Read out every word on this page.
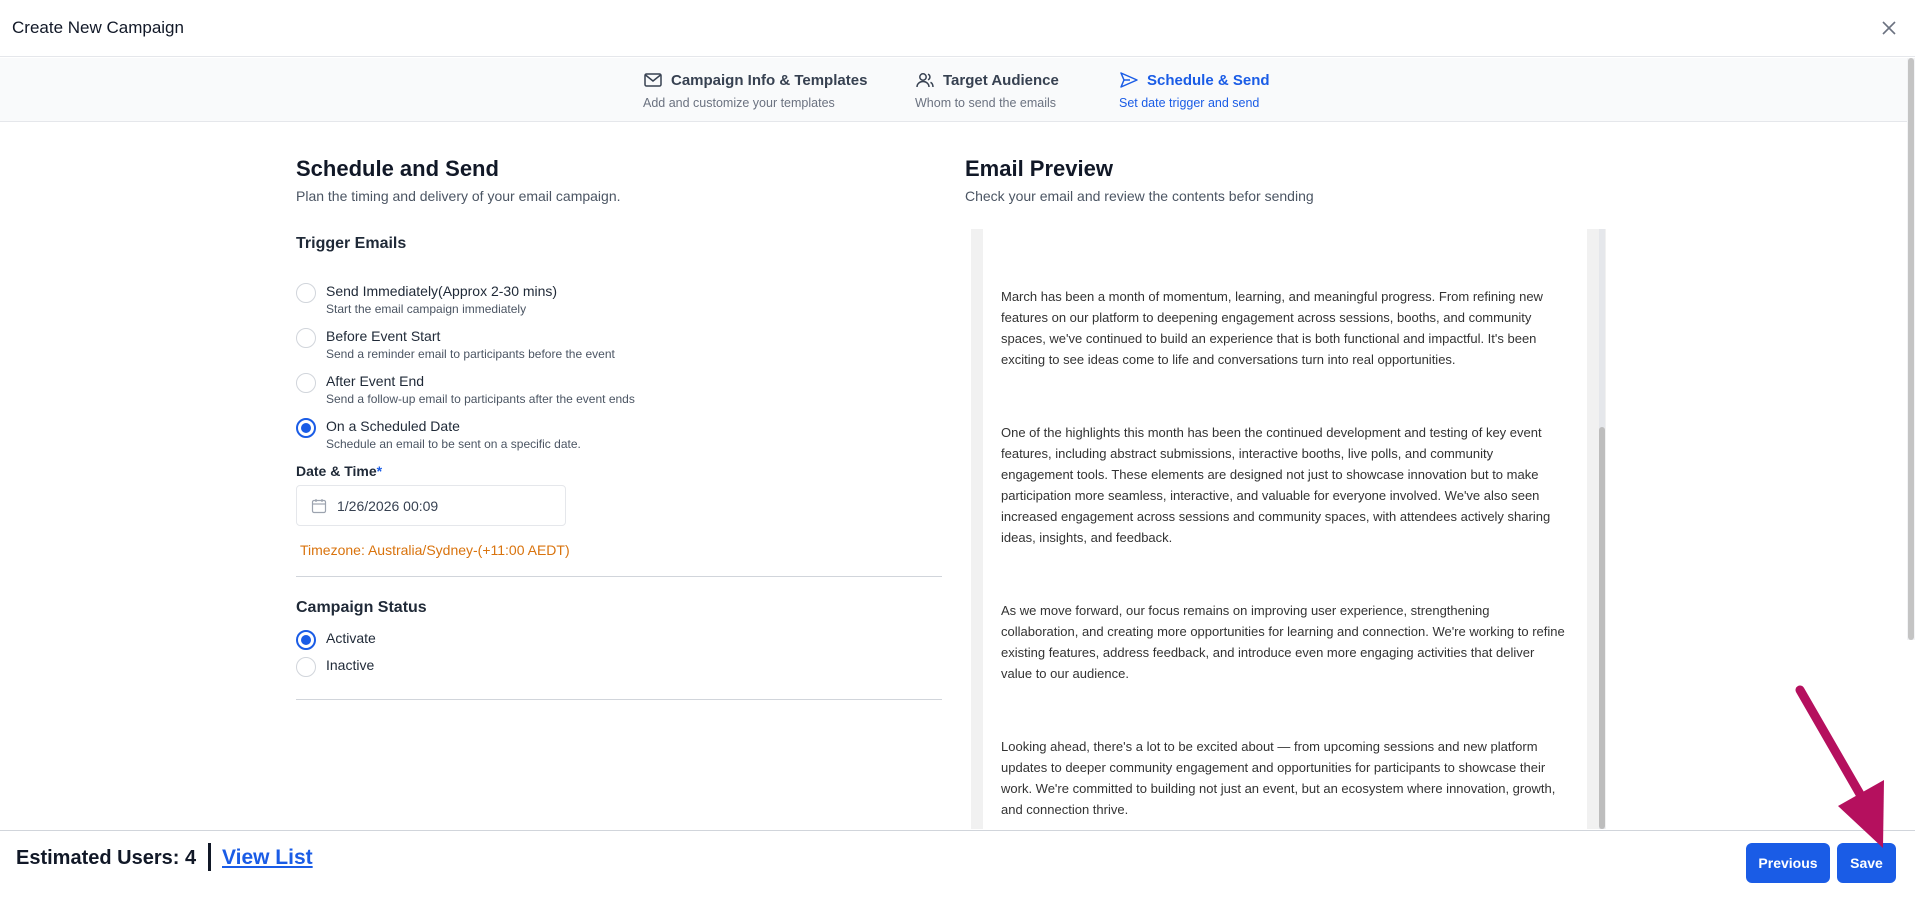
Create New Campaign
Campaign Info & Templates
Add and customize your templates
Target Audience
Whom to send the emails
Schedule & Send
Set date trigger and send
Schedule and Send
Plan the timing and delivery of your email campaign.
Trigger Emails
Send Immediately(Approx 2-30 mins)
Start the email campaign immediately
Before Event Start
Send a reminder email to participants before the event
After Event End
Send a follow-up email to participants after the event ends
On a Scheduled Date
Schedule an email to be sent on a specific date.
Date & Time*
1/26/2026 00:09
Timezone: Australia/Sydney-(+11:00 AEDT)
Campaign Status
Activate
Inactive
Email Preview
Check your email and review the contents befor sending

March has been a month of momentum, learning, and meaningful progress. From refining new features on our platform to deepening engagement across sessions, booths, and community spaces, we've continued to build an experience that is both functional and impactful. It's been exciting to see ideas come to life and conversations turn into real opportunities.

One of the highlights this month has been the continued development and testing of key event features, including abstract submissions, interactive booths, live polls, and community engagement tools. These elements are designed not just to showcase innovation but to make participation more seamless, interactive, and valuable for everyone involved. We've also seen increased engagement across sessions and community spaces, with attendees actively sharing ideas, insights, and feedback.

As we move forward, our focus remains on improving user experience, strengthening collaboration, and creating more opportunities for learning and connection. We're working to refine existing features, address feedback, and introduce even more engaging activities that deliver value to our audience.

Looking ahead, there's a lot to be excited about — from upcoming sessions and new platform updates to deeper community engagement and opportunities for participants to showcase their work. We're committed to building not just an event, but an ecosystem where innovation, growth, and connection thrive.

Estimated Users: 4 View List	Previous	Save
